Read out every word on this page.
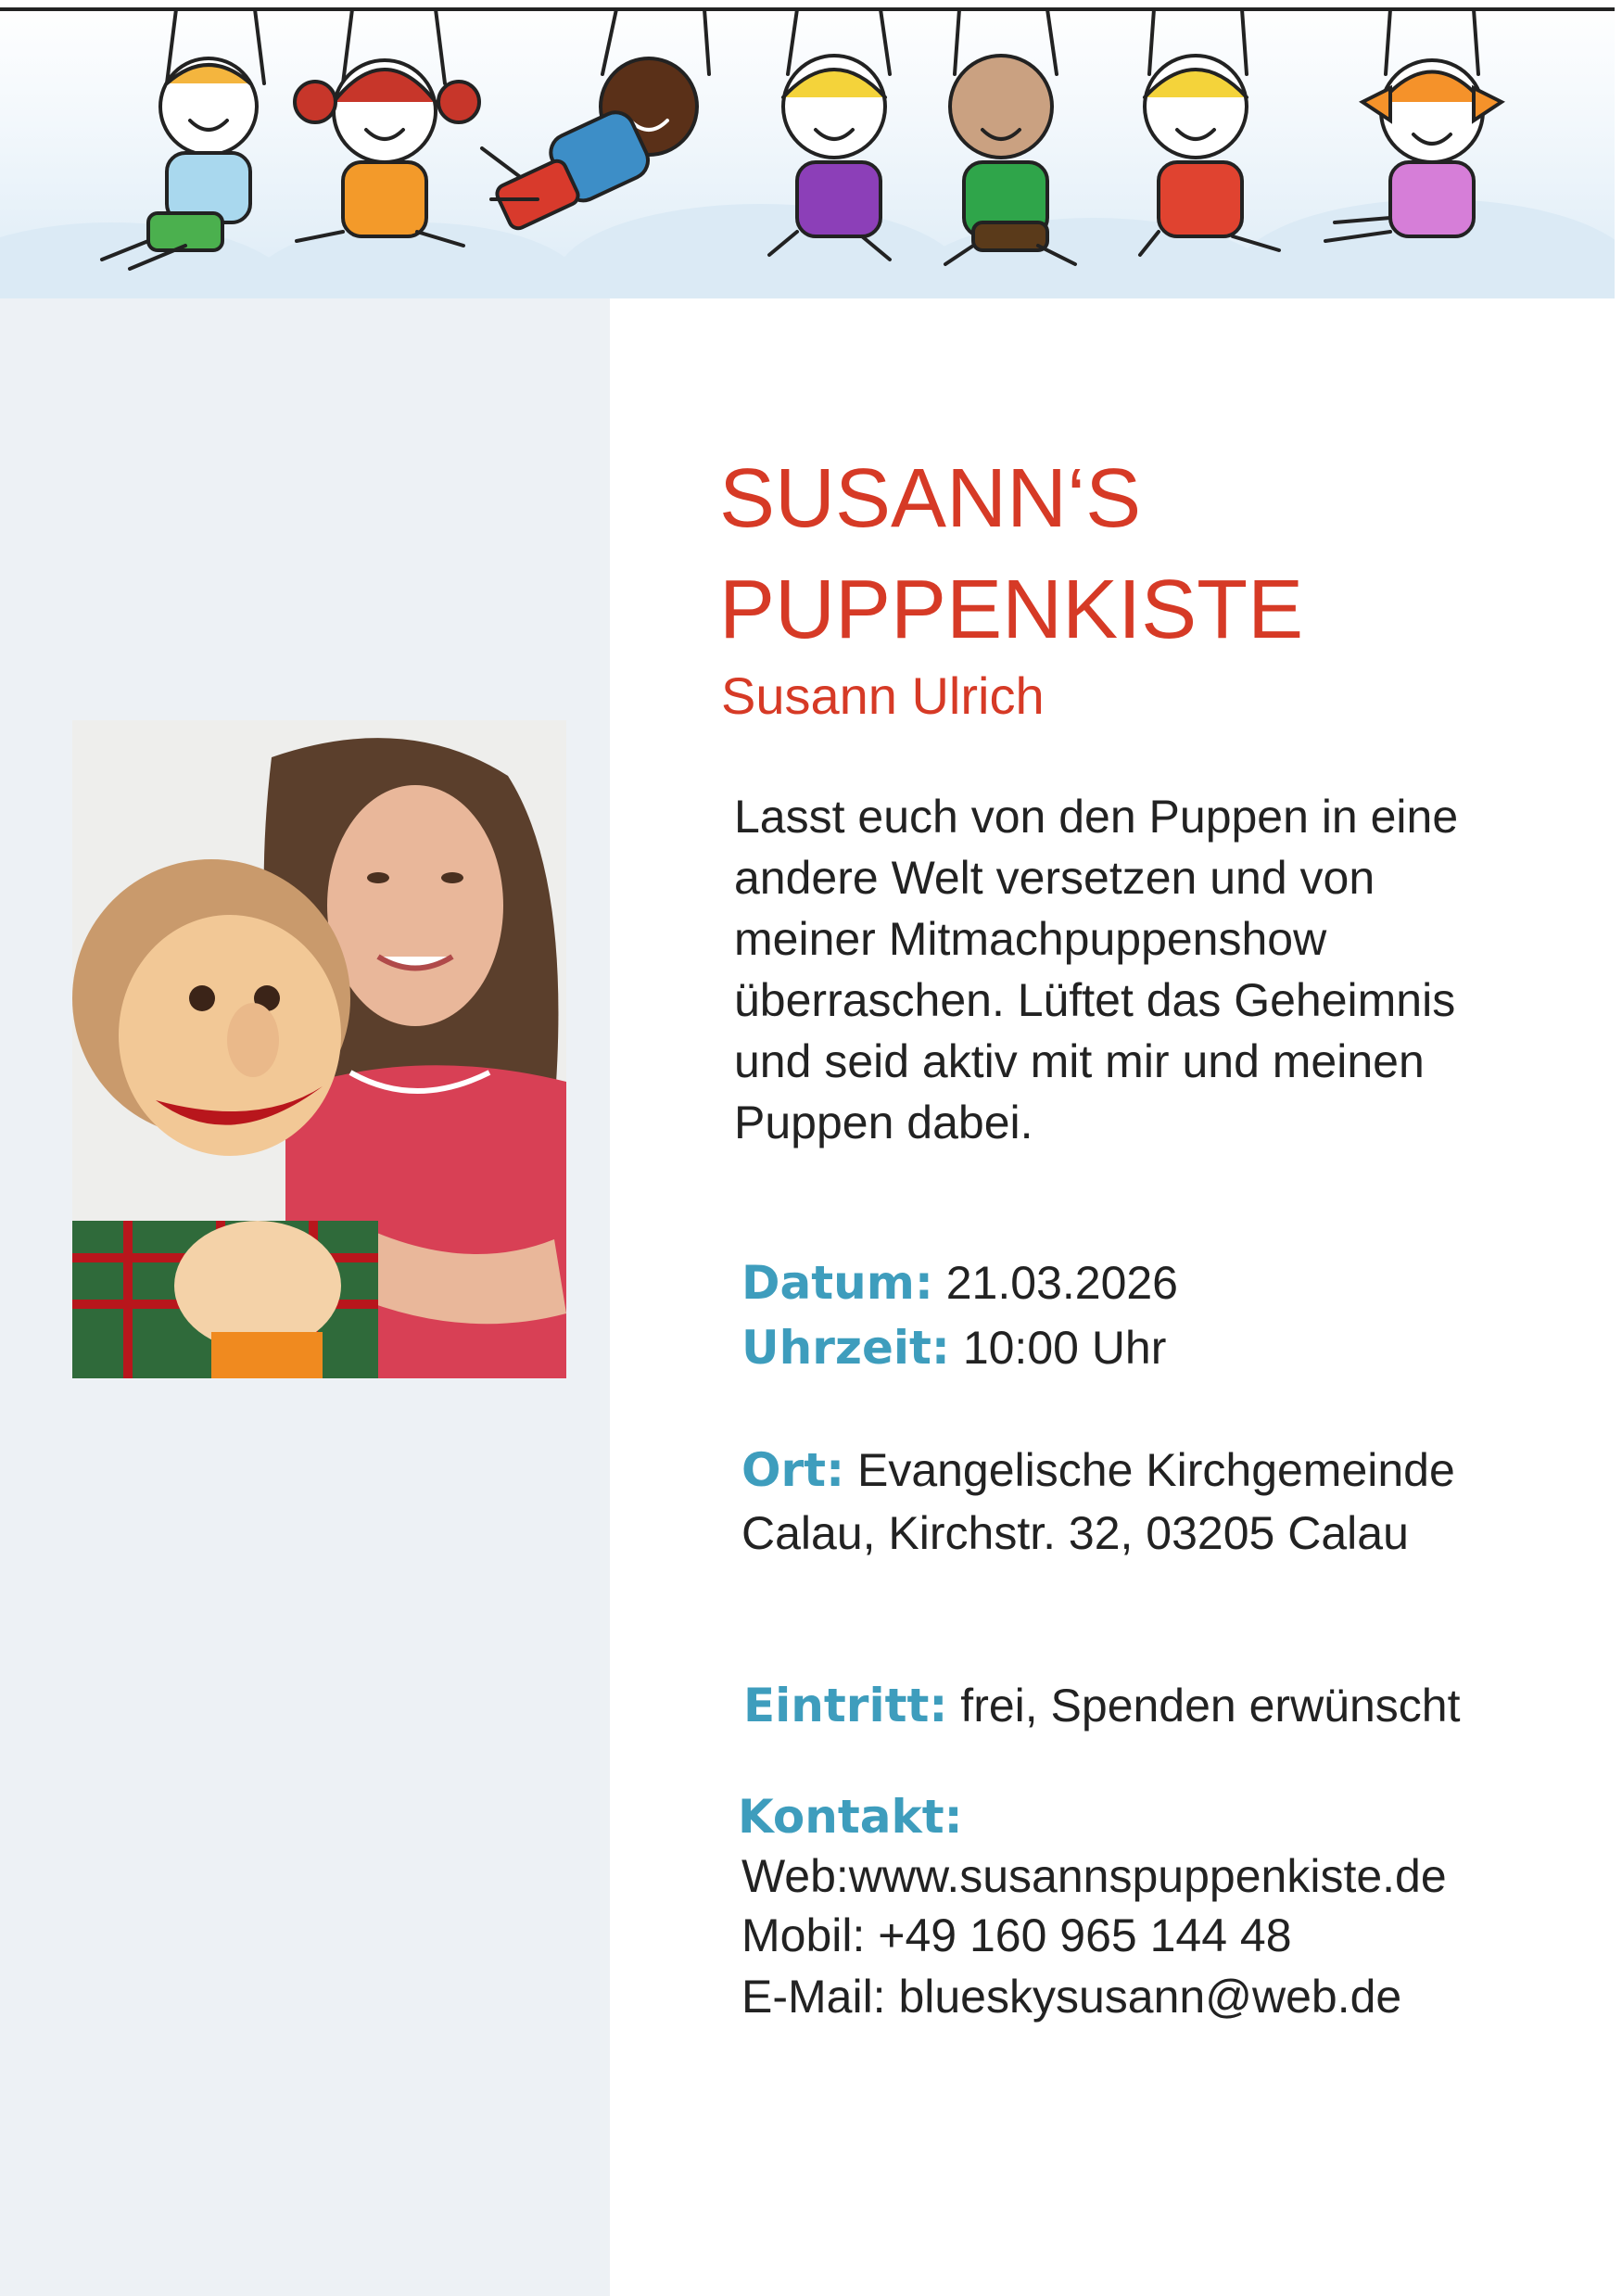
SUSANN‘S
PUPPENKISTE
Susann Ulrich

Lasst euch von den Puppen in eine
andere Welt versetzen und von
meiner Mitmachpuppenshow
überraschen. Lüftet das Geheimnis
und seid aktiv mit mir und meinen
Puppen dabei.

Datum: 21.03.2026
Uhrzeit: 10:00 Uhr
Ort: Evangelische Kirchgemeinde
Calau, Kirchstr. 32, 03205 Calau
Eintritt: frei, Spenden erwünscht
Kontakt:
Web:www.susannspuppenkiste.de
Mobil: +49 160 965 144 48
E-Mail: blueskysusann@web.de
